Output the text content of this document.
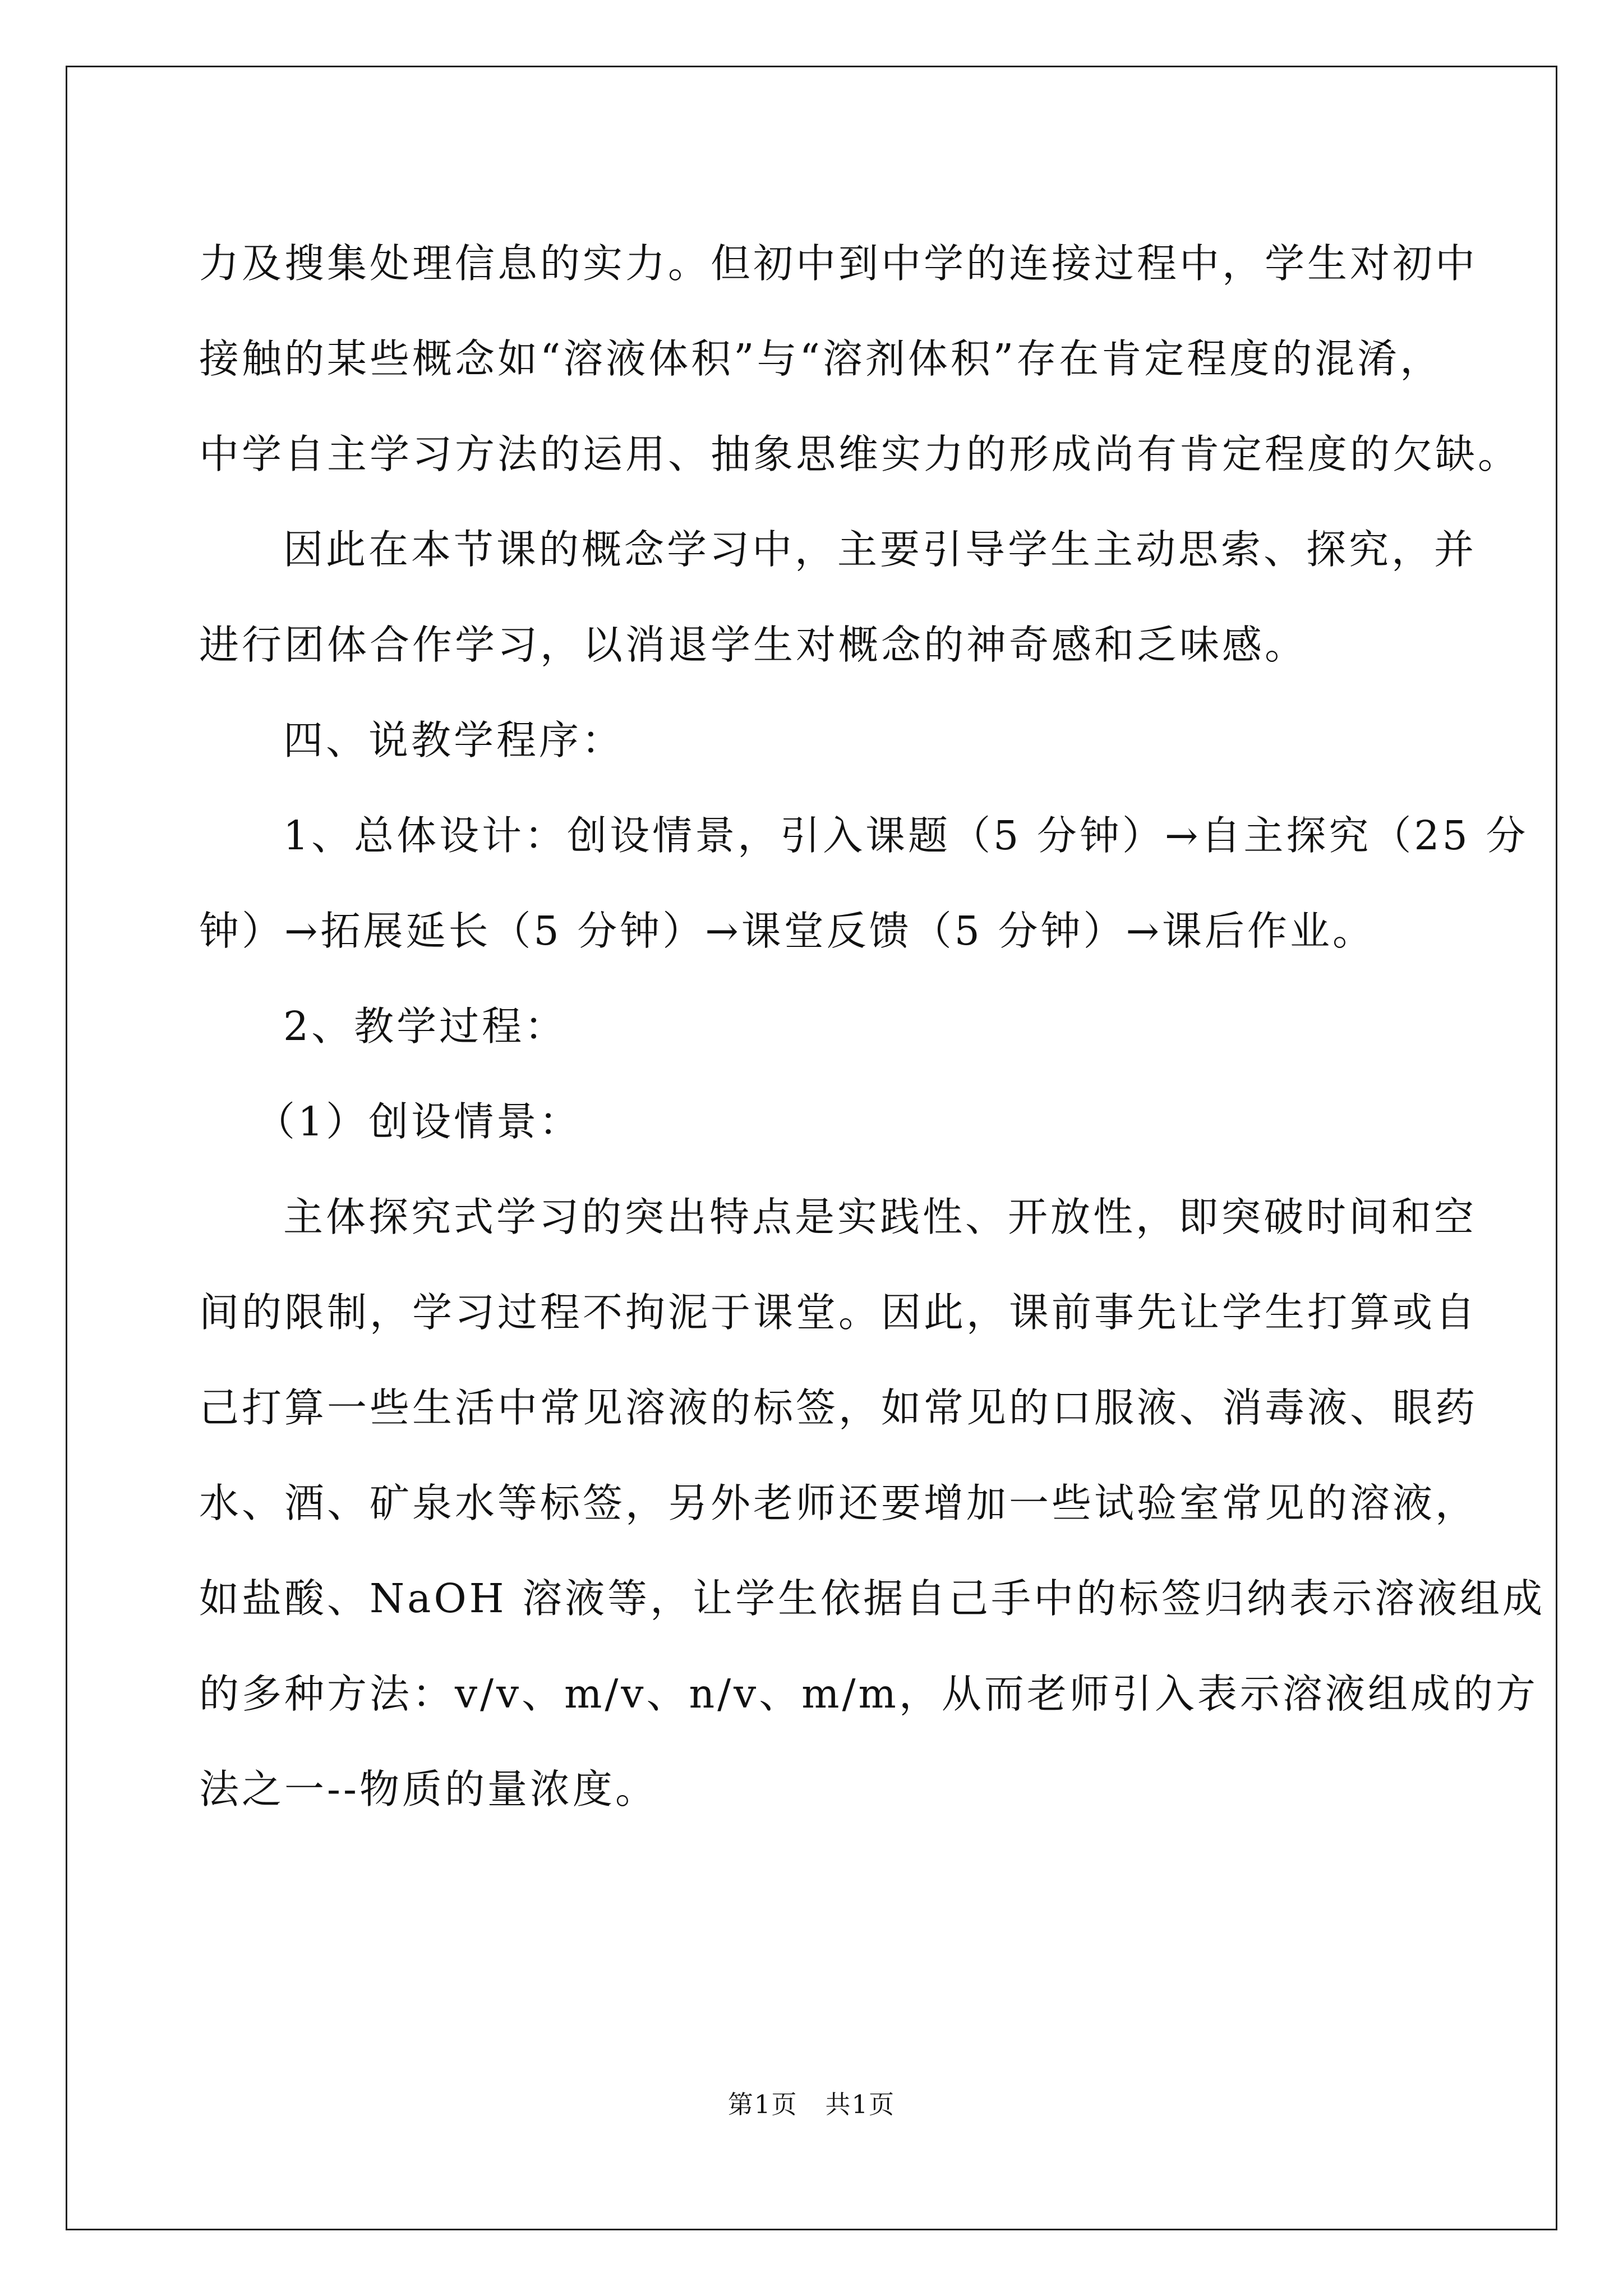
力及搜集处理信息的实力。但初中到中学的连接过程中，学生对初中

接触的某些概念如“溶液体积”与“溶剂体积”存在肯定程度的混淆，

中学自主学习方法的运用、抽象思维实力的形成尚有肯定程度的欠缺。

因此在本节课的概念学习中，主要引导学生主动思索、探究，并

进行团体合作学习，以消退学生对概念的神奇感和乏味感。

四、说教学程序：

1、总体设计：创设情景，引入课题（5 分钟）→自主探究（25 分

钟）→拓展延长（5 分钟）→课堂反馈（5 分钟）→课后作业。

2、教学过程：

（1）创设情景：

主体探究式学习的突出特点是实践性、开放性，即突破时间和空

间的限制，学习过程不拘泥于课堂。因此，课前事先让学生打算或自

己打算一些生活中常见溶液的标签，如常见的口服液、消毒液、眼药

水、酒、矿泉水等标签，另外老师还要增加一些试验室常见的溶液，

如盐酸、NaOH 溶液等，让学生依据自己手中的标签归纳表示溶液组成

的多种方法：v/v、m/v、n/v、m/m，从而老师引入表示溶液组成的方

法之一--物质的量浓度。

第1页   共1页
